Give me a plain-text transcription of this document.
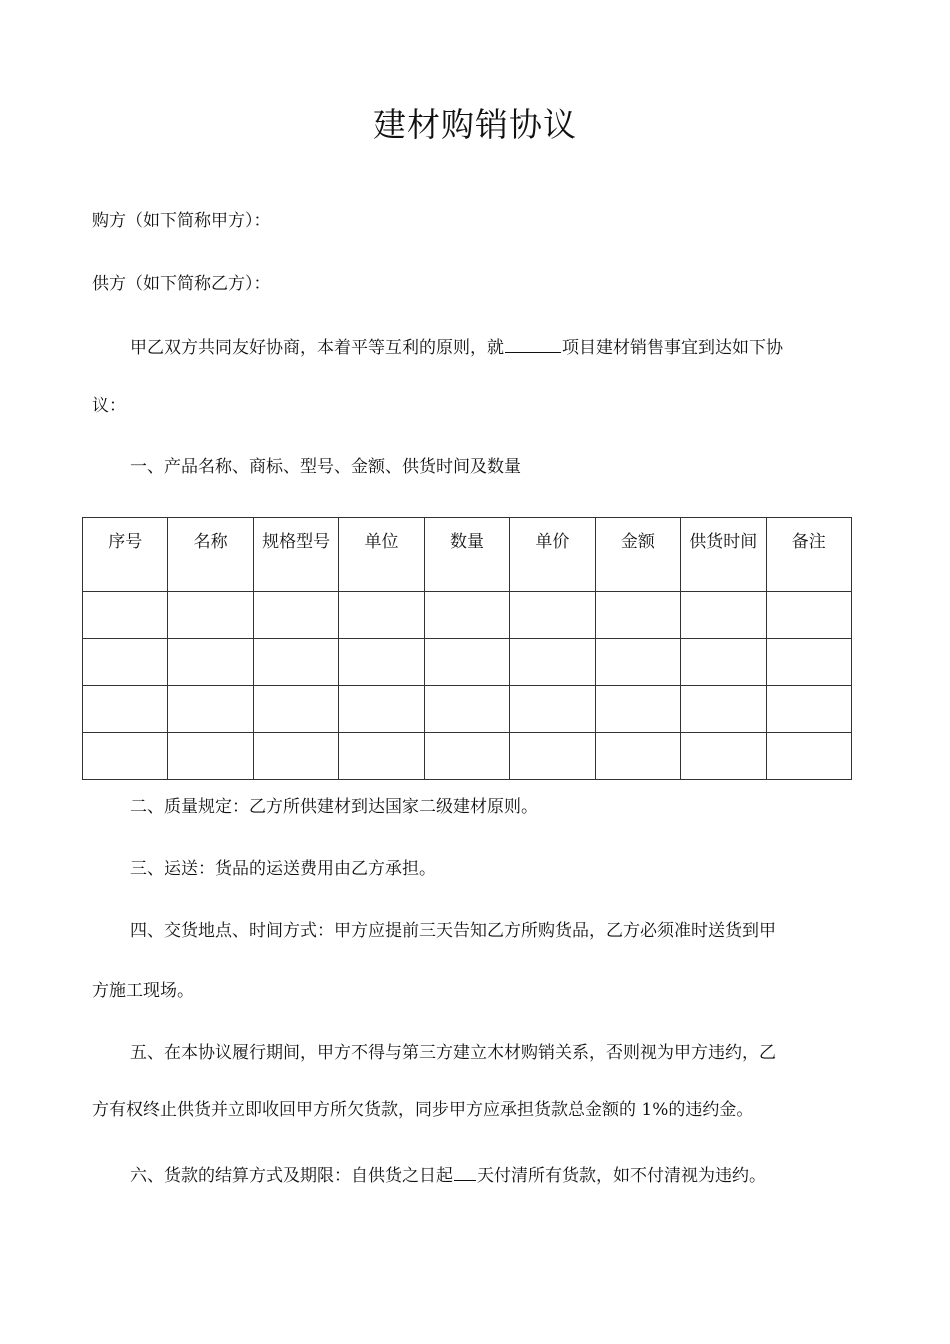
建材购销协议
购方（如下简称甲方）：
供方（如下简称乙方）：
甲乙双方共同友好协商，本着平等互利的原则，就	项目建材销售事宜到达如下协
议：
一、产品名称、商标、型号、金额、供货时间及数量
序号	名称	规格型号	单位	数量	单价	金额	供货时间	备注

二、质量规定：乙方所供建材到达国家二级建材原则。
三、运送：货品的运送费用由乙方承担。
四、交货地点、时间方式：甲方应提前三天告知乙方所购货品，乙方必须准时送货到甲
方施工现场。
五、在本协议履行期间，甲方不得与第三方建立木材购销关系，否则视为甲方违约，乙
方有权终止供货并立即收回甲方所欠货款，同步甲方应承担货款总金额的 1%的违约金。
六、货款的结算方式及期限：自供货之日起 天付清所有货款，如不付清视为违约。
